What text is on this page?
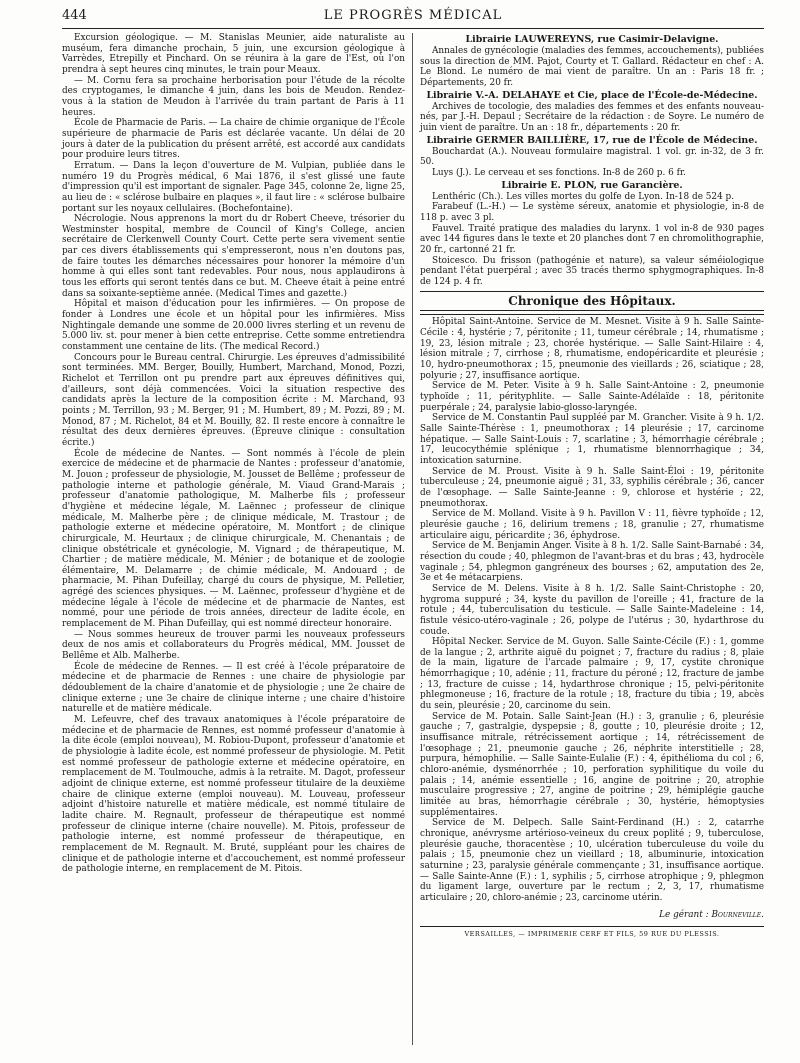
LE PROGRÈS MÉDICAL
444

Excursion géologique. — M. Stanislas Meunier, aide naturaliste au muséum, fera dimanche prochain, 5 juin, une excursion géologique à Varrèdes, Etrepilly et Pinchard. On se réunira à la gare de l'Est, où l'on prendra à sept heures cinq minutes, le train pour Meaux.

— M. Cornu fera sa prochaine herborisation pour l'étude de la récolte des cryptogames, le dimanche 4 juin, dans les bois de Meudon. Rendez-vous à la station de Meudon à l'arrivée du train partant de Paris à 11 heures.

École de Pharmacie de Paris. — La chaire de chimie organique de l'École supérieure de pharmacie de Paris est déclarée vacante. Un délai de 20 jours à dater de la publication du présent arrêté, est accordé aux candidats pour produire leurs titres.

Erratum. — Dans la leçon d'ouverture de M. Vulpian, publiée dans le numéro 19 du Progrès médical, 6 Mai 1876, il s'est glissé une faute d'impression qu'il est important de signaler. Page 345, colonne 2e, ligne 25, au lieu de : « sclérose bulbaire en plaques », il faut lire : « sclérose bulbaire portant sur les noyaux cellulaires. (Bochefontaine).

Nécrologie. Nous apprenons la mort du dr Robert Cheeve, trésorier du Westminster hospital, membre de Council of King's College, ancien secrétaire de Clerkenwell County Court. Cette perte sera vivement sentie par ces divers établissements qui s'empresseront, nous n'en doutons pas, de faire toutes les démarches nécessaires pour honorer la mémoire d'un homme à qui elles sont tant redevables. Pour nous, nous applaudirons à tous les efforts qui seront tentés dans ce but. M. Cheeve était à peine entré dans sa soixante-septième année. (Medical Times and gazette.)

Hôpital et maison d'éducation pour les infirmières. — On propose de fonder à Londres une école et un hôpital pour les infirmières. Miss Nightingale demande une somme de 20.000 livres sterling et un revenu de 5.000 liv. st. pour mener à bien cette entreprise. Cette somme entretiendra constamment une centaine de lits. (The medical Record.)

Concours pour le Bureau central. Chirurgie. Les épreuves d'admissibilité sont terminées. MM. Berger, Bouilly, Humbert, Marchand, Monod, Pozzi, Richelot et Terrillon ont pu prendre part aux épreuves définitives qui, d'ailleurs, sont déjà commencées. Voici la situation respective des candidats après la lecture de la composition écrite : M. Marchand, 93 points ; M. Terrillon, 93 ; M. Berger, 91 ; M. Humbert, 89 ; M. Pozzi, 89 ; M. Monod, 87 ; M. Richelot, 84 et M. Bouilly, 82. Il reste encore à connaître le résultat des deux dernières épreuves. (Épreuve clinique : consultation écrite.)

École de médecine de Nantes. — Sont nommés à l'école de plein exercice de médecine et de pharmacie de Nantes : professeur d'anatomie, M. Jouon ; professeur de physiologie, M. Jousset de Bellême ; professeur de pathologie interne et pathologie générale, M. Viaud Grand-Marais ; professeur d'anatomie pathologique, M. Malherbe fils ; professeur d'hygiène et médecine légale, M. Laënnec ; professeur de clinique médicale, M. Malherbe père ; de clinique médicale, M. Trastour ; de pathologie externe et médecine opératoire, M. Montfort ; de clinique chirurgicale, M. Heurtaux ; de clinique chirurgicale, M. Chenantais ; de clinique obstétricale et gynécologie, M. Vignard ; de thérapeutique, M. Chartier ; de matière médicale, M. Ménier ; de botanique et de zoologie élémentaire, M. Delamarre ; de chimie médicale, M. Andouard ; de pharmacie, M. Pihan Dufeillay, chargé du cours de physique, M. Pelletier, agrégé des sciences physiques. — M. Laënnec, professeur d'hygiène et de médecine légale à l'école de médecine et de pharmacie de Nantes, est nommé, pour une période de trois années, directeur de ladite école, en remplacement de M. Pihan Dufeillay, qui est nommé directeur honoraire.

— Nous sommes heureux de trouver parmi les nouveaux professeurs deux de nos amis et collaborateurs du Progrès médical, MM. Jousset de Bellême et Alb. Malherbe.

École de médecine de Rennes. — Il est créé à l'école préparatoire de médecine et de pharmacie de Rennes : une chaire de physiologie par dédoublement de la chaire d'anatomie et de physiologie ; une 2e chaire de clinique externe ; une 3e chaire de clinique interne ; une chaire d'histoire naturelle et de matière médicale.

M. Lefeuvre, chef des travaux anatomiques à l'école préparatoire de médecine et de pharmacie de Rennes, est nommé professeur d'anatomie à la dite école (emploi nouveau), M. Robiou-Dupont, professeur d'anatomie et de physiologie à ladite école, est nommé professeur de physiologie. M. Petit est nommé professeur de pathologie externe et médecine opératoire, en remplacement de M. Toulmouche, admis à la retraite. M. Dagot, professeur adjoint de clinique externe, est nommé professeur titulaire de la deuxième chaire de clinique externe (emploi nouveau). M. Louveau, professeur adjoint d'histoire naturelle et matière médicale, est nommé titulaire de ladite chaire. M. Regnault, professeur de thérapeutique est nommé professeur de clinique interne (chaire nouvelle). M. Pitois, professeur de pathologie interne, est nommé professeur de thérapeutique, en remplacement de M. Regnault. M. Bruté, suppléant pour les chaires de clinique et de pathologie interne et d'accouchement, est nommé professeur de pathologie interne, en remplacement de M. Pitois.

Librairie LAUWEREYNS, rue Casimir-Delavigne.

Annales de gynécologie (maladies des femmes, accouchements), publiées sous la direction de MM. Pajot, Courty et T. Gallard. Rédacteur en chef : A. Le Blond. Le numéro de mai vient de paraître. Un an : Paris 18 fr. ; Départements, 20 fr.

Librairie V.-A. DELAHAYE et Cie, place de l'École-de-Médecine.

Archives de tocologie, des maladies des femmes et des enfants nouveau-nés, par J.-H. Depaul ; Secrétaire de la rédaction : de Soyre. Le numéro de juin vient de paraître. Un an : 18 fr., départements : 20 fr.

Librairie GERMER BAILLIÈRE, 17, rue de l'École de Médecine.

Bouchardat (A.). Nouveau formulaire magistral. 1 vol. gr. in-32, de 3 fr. 50.

Luys (J.). Le cerveau et ses fonctions. In-8 de 260 p. 6 fr.

Librairie E. PLON, rue Garancière.

Lenthéric (Ch.). Les villes mortes du golfe de Lyon. In-18 de 524 p.

Farabeuf (L.-H.) — Le système séreux, anatomie et physiologie, in-8 de 118 p. avec 3 pl.

Fauvel. Traité pratique des maladies du larynx. 1 vol in-8 de 930 pages avec 144 figures dans le texte et 20 planches dont 7 en chromolithographie, 20 fr., cartonné 21 fr.

Stoicesco. Du frisson (pathogénie et nature), sa valeur séméiologique pendant l'état puerpéral ; avec 35 tracés thermo sphygmographiques. In-8 de 124 p. 4 fr.

Chronique des Hôpitaux.

Hôpital Saint-Antoine. Service de M. Mesnet. Visite à 9 h. Salle Sainte-Cécile : 4, hystérie ; 7, péritonite ; 11, tumeur cérébrale ; 14, rhumatisme ; 19, 23, lésion mitrale ; 23, chorée hystérique. — Salle Saint-Hilaire : 4, lésion mitrale ; 7, cirrhose ; 8, rhumatisme, endopéricardite et pleurésie ; 10, hydro-pneumothorax ; 15, pneumonie des vieillards ; 26, sciatique ; 28, polyurie ; 27, insuffisance aortique.

Service de M. Peter. Visite à 9 h. Salle Saint-Antoine : 2, pneumonie typhoïde ; 11, pérityphlite. — Salle Sainte-Adélaïde : 18, péritonite puerpérale ; 24, paralysie labio-glosso-laryngée.

Service de M. Constantin Paul suppléé par M. Grancher. Visite à 9 h. 1/2. Salle Sainte-Thérèse : 1, pneumothorax ; 14 pleurésie ; 17, carcinome hépatique. — Salle Saint-Louis : 7, scarlatine ; 3, hémorrhagie cérébrale ; 17, leucocythémie splénique ; 1, rhumatisme blennorrhagique ; 34, intoxication saturnine.

Service de M. Proust. Visite à 9 h. Salle Saint-Éloi : 19, péritonite tuberculeuse ; 24, pneumonie aiguë ; 31, 33, syphilis cérébrale ; 36, cancer de l'œsophage. — Salle Sainte-Jeanne : 9, chlorose et hystérie ; 22, pneumothorax.

Service de M. Molland. Visite à 9 h. Pavillon V : 11, fièvre typhoïde ; 12, pleurésie gauche ; 16, delirium tremens ; 18, granulie ; 27, rhumatisme articulaire aigu, péricardite ; 36, éphydrose.

Service de M. Benjamin Anger. Visite à 8 h. 1/2. Salle Saint-Barnabé : 34, résection du coude ; 40, phlegmon de l'avant-bras et du bras ; 43, hydrocèle vaginale ; 54, phlegmon gangréneux des bourses ; 62, amputation des 2e, 3e et 4e métacarpiens.

Service de M. Delens. Visite à 8 h. 1/2. Salle Saint-Christophe : 20, hygroma suppuré ; 34, kyste du pavillon de l'oreille ; 41, fracture de la rotule ; 44, tuberculisation du testicule. — Salle Sainte-Madeleine : 14, fistule vésico-utéro-vaginale ; 26, polype de l'utérus ; 30, hydarthrose du coude.

Hôpital Necker. Service de M. Guyon. Salle Sainte-Cécile (F.) : 1, gomme de la langue ; 2, arthrite aiguë du poignet ; 7, fracture du radius ; 8, plaie de la main, ligature de l'arcade palmaire ; 9, 17, cystite chronique hémorrhagique ; 10, adénie ; 11, fracture du péroné ; 12, fracture de jambe ; 13, fracture de cuisse ; 14, hydarthrose chronique ; 15, pelvi-péritonite phlegmoneuse ; 16, fracture de la rotule ; 18, fracture du tibia ; 19, abcès du sein, pleurésie ; 20, carcinome du sein.

Service de M. Potain. Salle Saint-Jean (H.) : 3, granulie ; 6, pleurésie gauche ; 7, gastralgie, dyspepsie ; 8, goutte ; 10, pleurésie droite ; 12, insuffisance mitrale, rétrécissement aortique ; 14, rétrécissement de l'œsophage ; 21, pneumonie gauche ; 26, néphrite interstitielle ; 28, purpura, hémophilie. — Salle Sainte-Eulalie (F.) : 4, épithélioma du col ; 6, chloro-anémie, dysménorrhée ; 10, perforation syphilitique du voile du palais ; 14, anémie essentielle ; 16, angine de poitrine ; 20, atrophie musculaire progressive ; 27, angine de poitrine ; 29, hémiplégie gauche limitée au bras, hémorrhagie cérébrale ; 30, hystérie, hémoptysies supplémentaires.

Service de M. Delpech. Salle Saint-Ferdinand (H.) : 2, catarrhe chronique, anévrysme artérioso-veineux du creux poplité ; 9, tuberculose, pleurésie gauche, thoracentèse ; 10, ulcération tuberculeuse du voile du palais ; 15, pneumonie chez un vieillard ; 18, albuminurie, intoxication saturnine ; 23, paralysie générale commençante ; 31, insuffisance aortique. — Salle Sainte-Anne (F.) : 1, syphilis ; 5, cirrhose atrophique ; 9, phlegmon du ligament large, ouverture par le rectum ; 2, 3, 17, rhumatisme articulaire ; 20, chloro-anémie ; 23, carcinome utérin.

Le gérant : Bourneville.

VERSAILLES, — IMPRIMERIE CERF ET FILS, 59 RUE DU PLESSIS.
